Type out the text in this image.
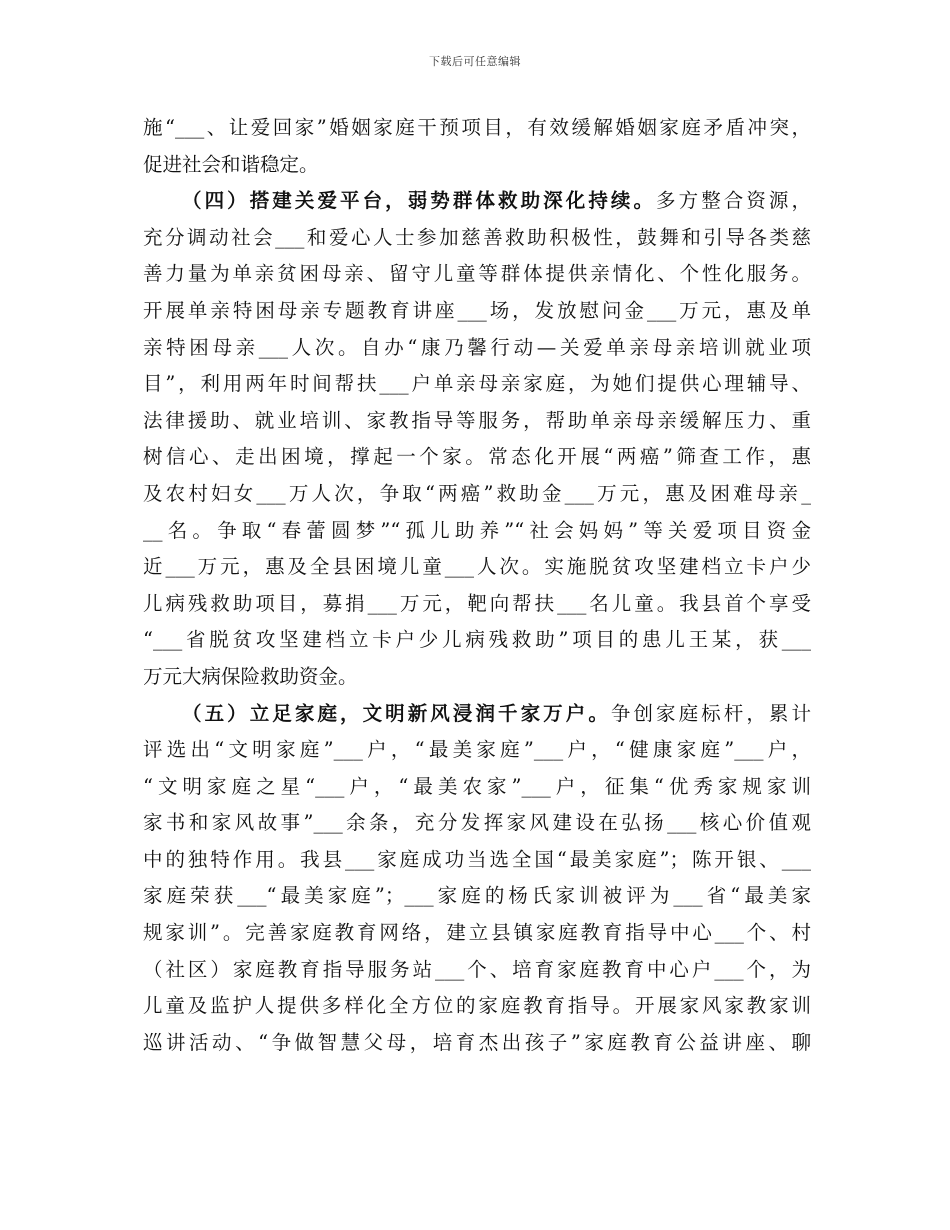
下载后可任意编辑
施“___、让爱回家”婚姻家庭干预项目，有效缓解婚姻家庭矛盾冲突，
促进社会和谐稳定。
（四）搭建关爱平台，弱势群体救助深化持续。多方整合资源，
充分调动社会___和爱心人士参加慈善救助积极性，鼓舞和引导各类慈
善力量为单亲贫困母亲、留守儿童等群体提供亲情化、个性化服务。
开展单亲特困母亲专题教育讲座___场，发放慰问金___万元，惠及单
亲特困母亲___人次。自办“康乃馨行动—关爱单亲母亲培训就业项
目”，利用两年时间帮扶___户单亲母亲家庭，为她们提供心理辅导、
法律援助、就业培训、家教指导等服务，帮助单亲母亲缓解压力、重
树信心、走出困境，撑起一个家。常态化开展“两癌”筛查工作，惠
及农村妇女___万人次，争取“两癌”救助金___万元，惠及困难母亲_
__名。争取“春蕾圆梦”“孤儿助养”“社会妈妈”等关爱项目资金
近___万元，惠及全县困境儿童___人次。实施脱贫攻坚建档立卡户少
儿病残救助项目，募捐___万元，靶向帮扶___名儿童。我县首个享受
“___省脱贫攻坚建档立卡户少儿病残救助”项目的患儿王某，获___
万元大病保险救助资金。
（五）立足家庭，文明新风浸润千家万户。争创家庭标杆，累计
评选出“文明家庭”___户，“最美家庭”___户，“健康家庭”___户，
“文明家庭之星“___户，“最美农家”___户，征集“优秀家规家训
家书和家风故事”___余条，充分发挥家风建设在弘扬___核心价值观
中的独特作用。我县___家庭成功当选全国“最美家庭”；陈开银、___
家庭荣获___“最美家庭”；___家庭的杨氏家训被评为___省“最美家
规家训”。完善家庭教育网络，建立县镇家庭教育指导中心___个、村
（社区）家庭教育指导服务站___个、培育家庭教育中心户___个，为
儿童及监护人提供多样化全方位的家庭教育指导。开展家风家教家训
巡讲活动、“争做智慧父母，培育杰出孩子”家庭教育公益讲座、聊
